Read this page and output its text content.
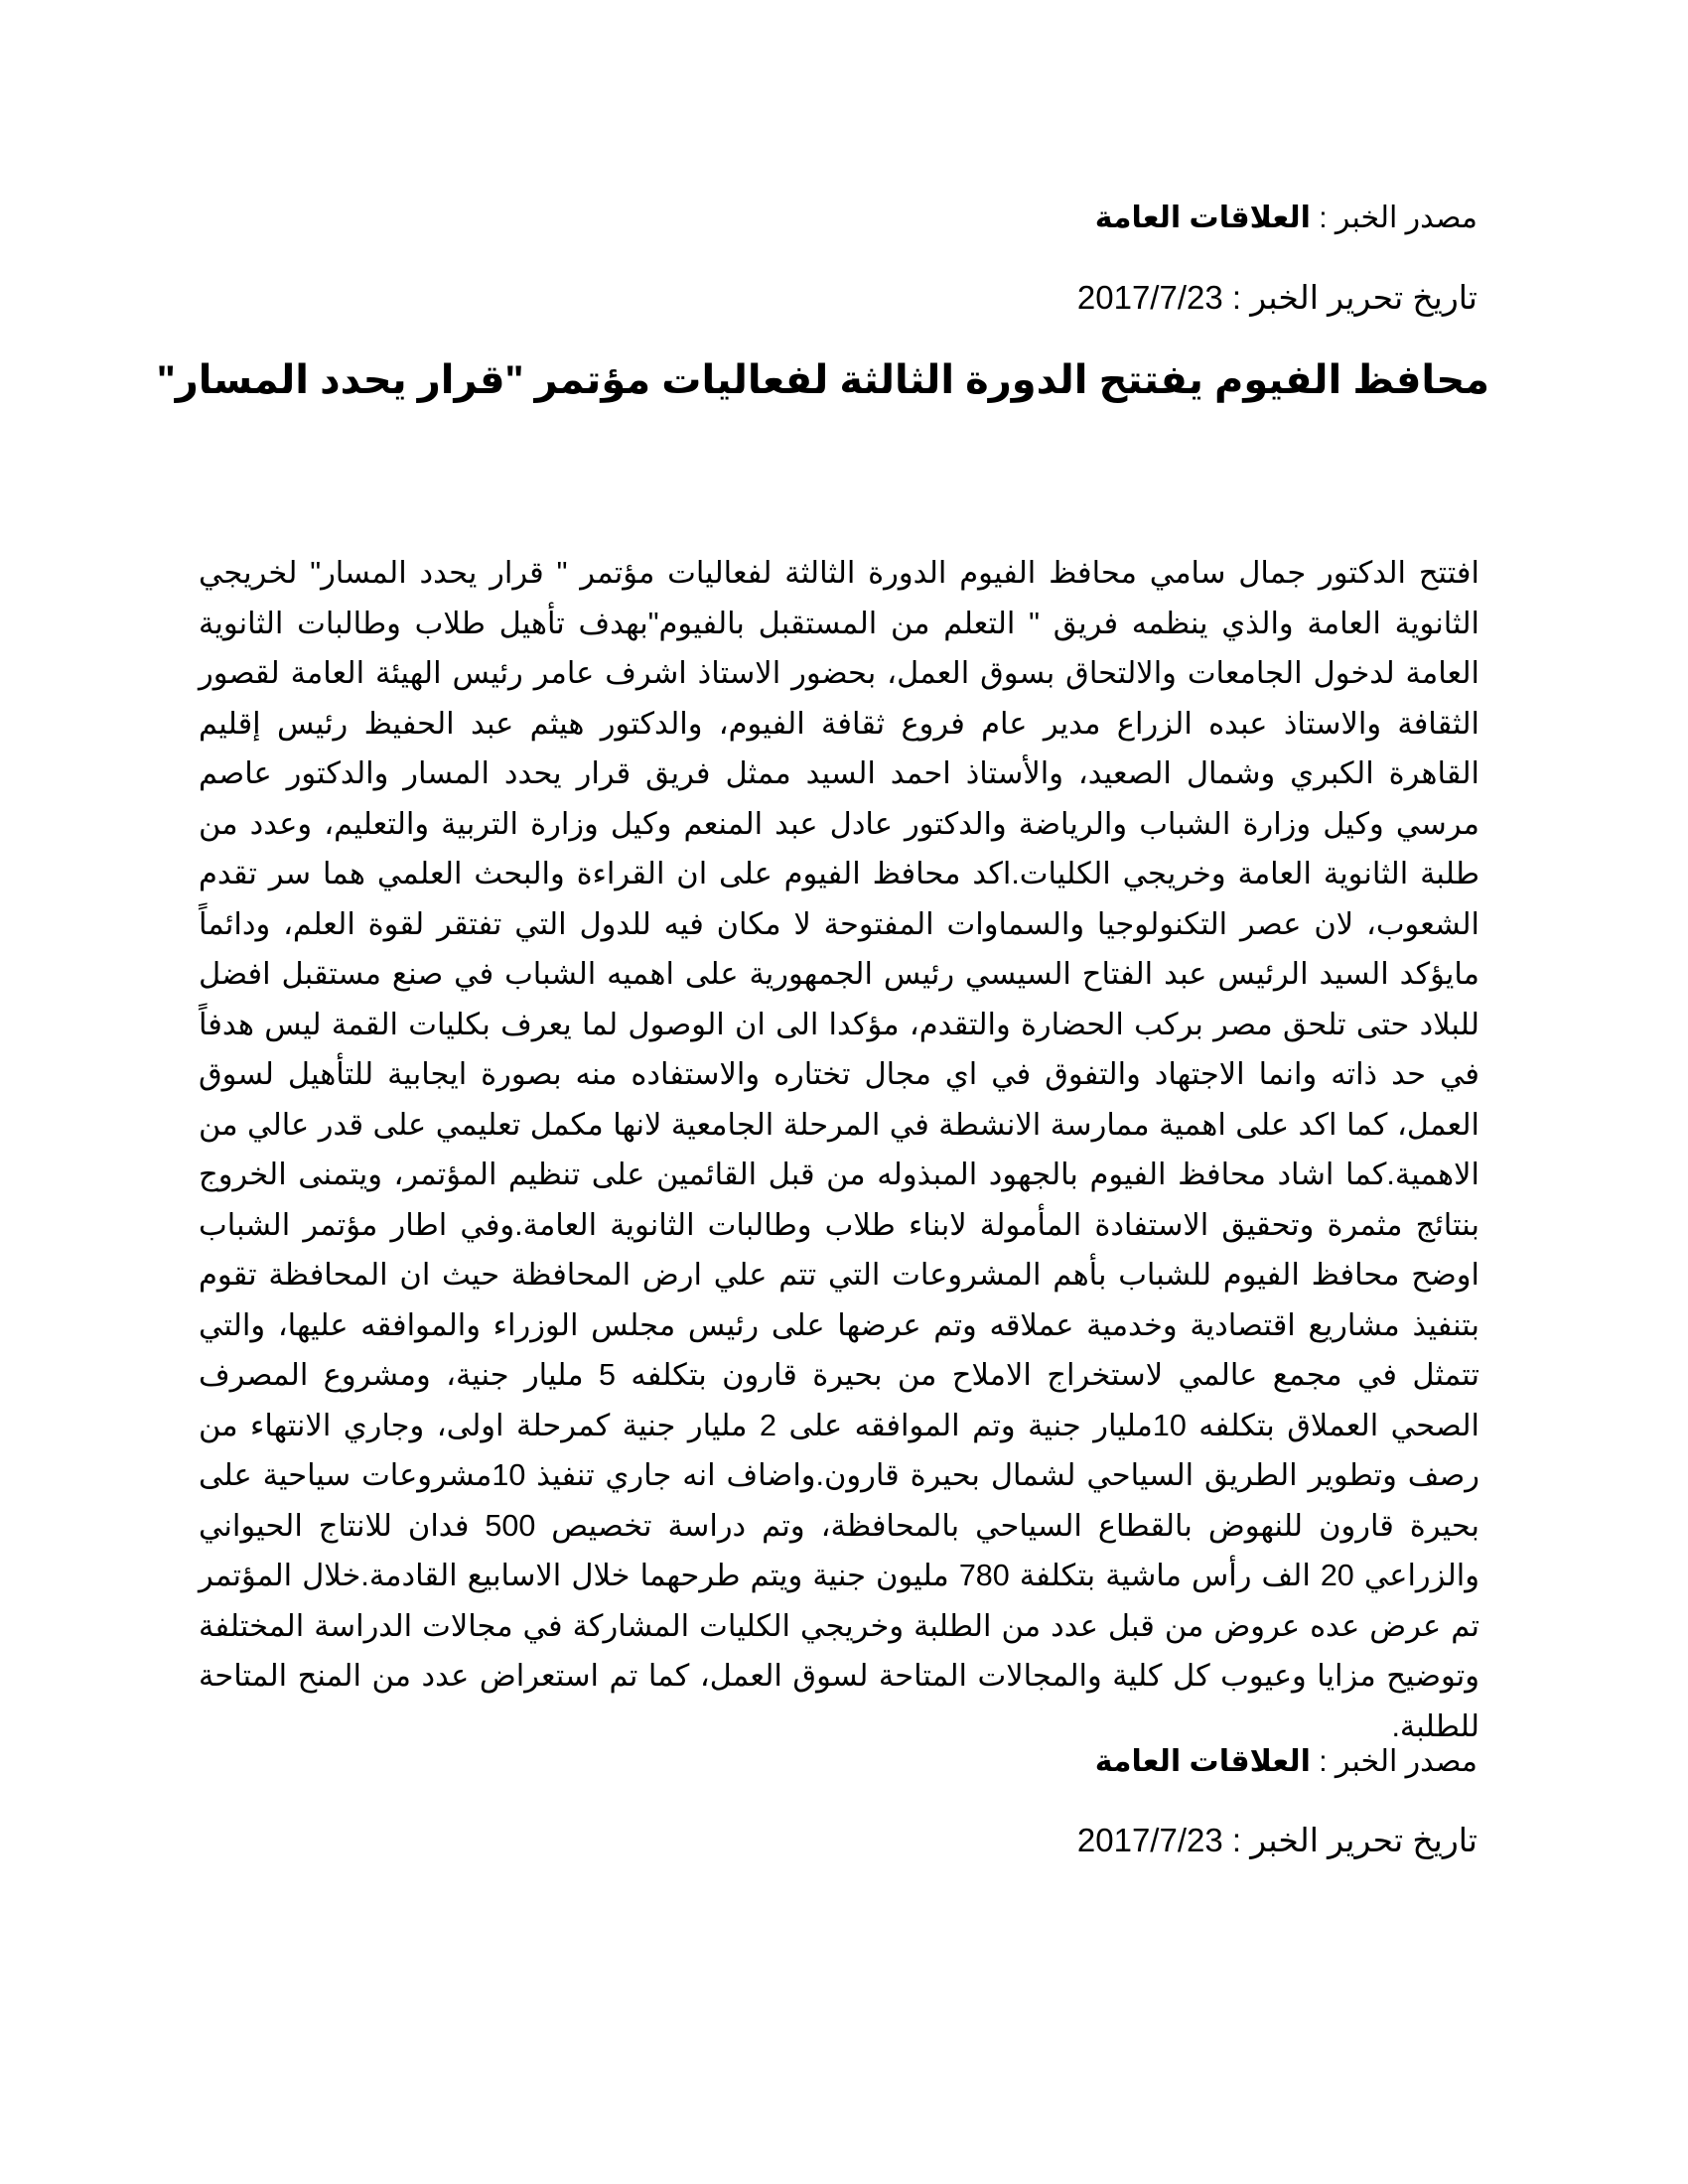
مصدر الخبر : العلاقات العامة
تاريخ تحرير الخبر : 2017/7/23
محافظ الفيوم يفتتح الدورة الثالثة لفعاليات مؤتمر "قرار يحدد المسار"
افتتح الدكتور جمال سامي محافظ الفيوم الدورة الثالثة لفعاليات مؤتمر " قرار يحدد المسار" لخريجي الثانوية العامة والذي ينظمه فريق " التعلم من المستقبل بالفيوم"بهدف تأهيل طلاب وطالبات الثانوية العامة لدخول الجامعات والالتحاق بسوق العمل، بحضور الاستاذ اشرف عامر رئيس الهيئة العامة لقصور الثقافة والاستاذ عبده الزراع مدير عام فروع ثقافة الفيوم، والدكتور هيثم عبد الحفيظ رئيس إقليم القاهرة الكبري وشمال الصعيد، والأستاذ احمد السيد ممثل فريق قرار يحدد المسار والدكتور عاصم مرسي وكيل وزارة الشباب والرياضة والدكتور عادل عبد المنعم وكيل وزارة التربية والتعليم، وعدد من طلبة الثانوية العامة وخريجي الكليات.اكد محافظ الفيوم على ان القراءة والبحث العلمي هما سر تقدم الشعوب، لان عصر التكنولوجيا والسماوات المفتوحة لا مكان فيه للدول التي تفتقر لقوة العلم، ودائماً مايؤكد السيد الرئيس عبد الفتاح السيسي رئيس الجمهورية على اهميه الشباب في صنع مستقبل افضل للبلاد حتى تلحق مصر بركب الحضارة والتقدم، مؤكدا الى ان الوصول لما يعرف بكليات القمة ليس هدفاً في حد ذاته وانما الاجتهاد والتفوق في اي مجال تختاره والاستفاده منه بصورة ايجابية للتأهيل لسوق العمل، كما اكد على اهمية ممارسة الانشطة في المرحلة الجامعية لانها مكمل تعليمي على قدر عالي من الاهمية.كما اشاد محافظ الفيوم بالجهود المبذوله من قبل القائمين على تنظيم المؤتمر، ويتمنى الخروج بنتائج مثمرة وتحقيق الاستفادة المأمولة لابناء طلاب وطالبات الثانوية العامة.وفي اطار مؤتمر الشباب اوضح محافظ الفيوم للشباب بأهم المشروعات التي تتم علي ارض المحافظة حيث ان المحافظة تقوم بتنفيذ مشاريع اقتصادية وخدمية عملاقه وتم عرضها على رئيس مجلس الوزراء والموافقه عليها، والتي تتمثل في مجمع عالمي لاستخراج الاملاح من بحيرة قارون بتكلفه 5 مليار جنية، ومشروع المصرف الصحي العملاق بتكلفه 10مليار جنية وتم الموافقه على 2 مليار جنية كمرحلة اولى، وجاري الانتهاء من رصف وتطوير الطريق السياحي لشمال بحيرة قارون.واضاف انه جاري تنفيذ 10مشروعات سياحية على بحيرة قارون للنهوض بالقطاع السياحي بالمحافظة، وتم دراسة تخصيص 500 فدان للانتاج الحيواني والزراعي 20 الف رأس ماشية بتكلفة 780 مليون جنية ويتم طرحهما خلال الاسابيع القادمة.خلال المؤتمر تم عرض عده عروض من قبل عدد من الطلبة وخريجي الكليات المشاركة في مجالات الدراسة المختلفة وتوضيح مزايا وعيوب كل كلية والمجالات المتاحة لسوق العمل، كما تم استعراض عدد من المنح المتاحة للطلبة.
مصدر الخبر : العلاقات العامة
تاريخ تحرير الخبر : 2017/7/23
